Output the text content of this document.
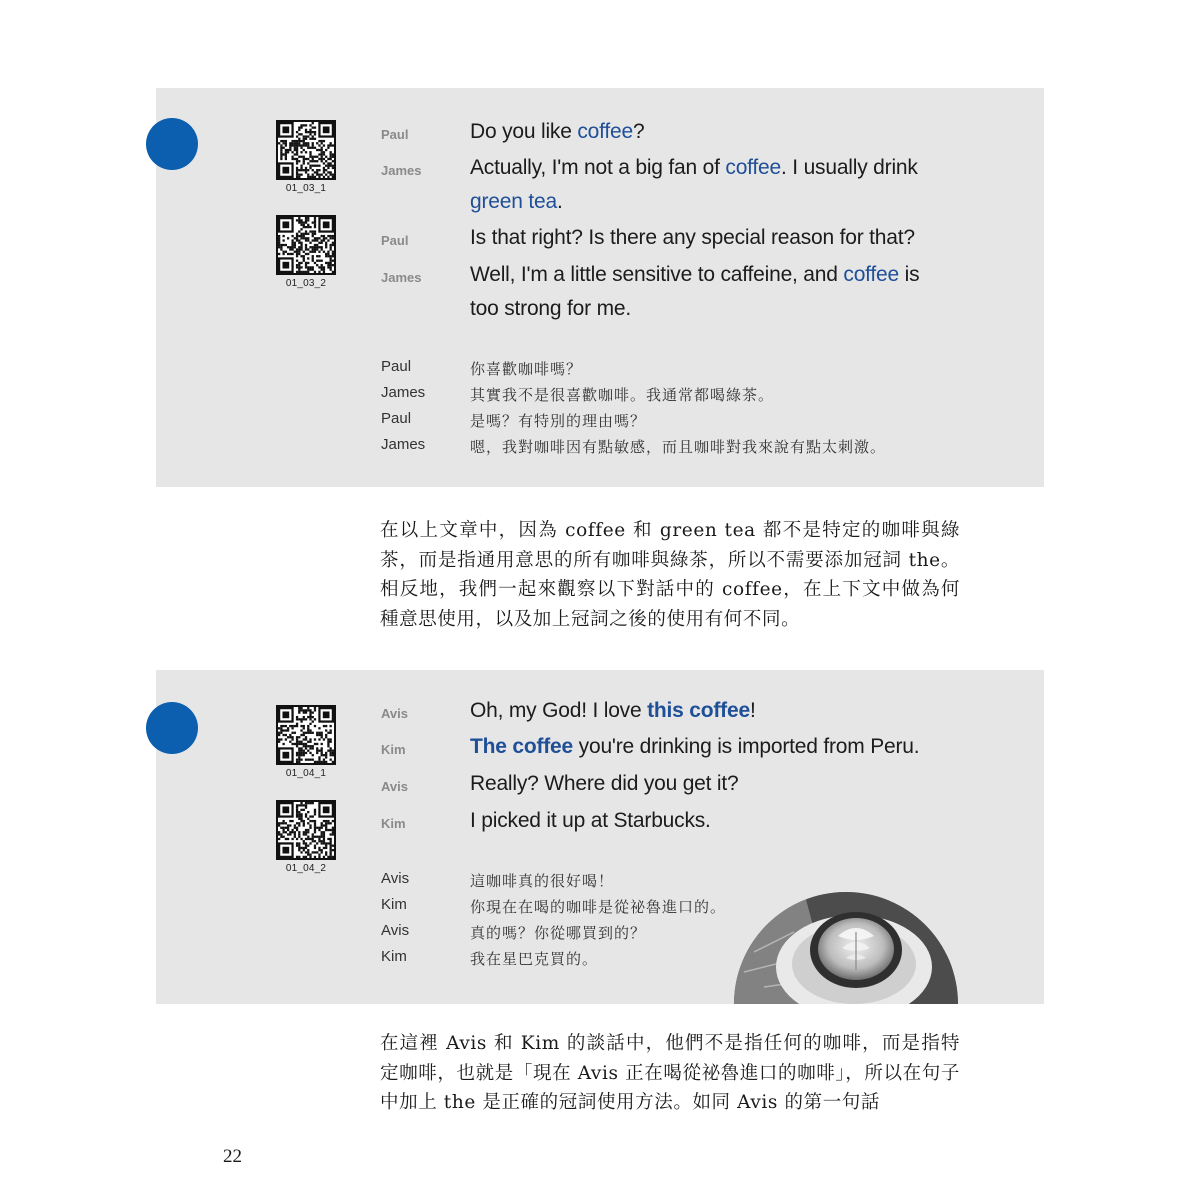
01_03_1
01_03_2
Paul	Do you like coffee?
James Actually, I'm not a big fan of coffee. I usually drink
green tea.
Paul	Is that right? Is there any special reason for that?
James Well, I'm a little sensitive to caffeine, and coffee is
too strong for me.
Paul	你喜歡咖啡嗎？
James	其實我不是很喜歡咖啡。我通常都喝綠茶。
Paul	是嗎？有特別的理由嗎？
James	嗯，我對咖啡因有點敏感，而且咖啡對我來說有點太刺激。

在以上文章中，因為 coffee 和 green tea 都不是特定的咖啡與綠茶，而是指通用意思的所有咖啡與綠茶，所以不需要添加冠詞 the。相反地，我們一起來觀察以下對話中的 coffee，在上下文中做為何種意思使用，以及加上冠詞之後的使用有何不同。

01_04_1
01_04_2
Avis	Oh, my God! I love this coffee!
Kim	The coffee you're drinking is imported from Peru.
Avis	Really? Where did you get it?
Kim	I picked it up at Starbucks.
Avis	這咖啡真的很好喝！
Kim	你現在在喝的咖啡是從祕魯進口的。
Avis	真的嗎？你從哪買到的？
Kim	我在星巴克買的。

在這裡 Avis 和 Kim 的談話中，他們不是指任何的咖啡，而是指特定咖啡，也就是「現在 Avis 正在喝從祕魯進口的咖啡」，所以在句子中加上 the 是正確的冠詞使用方法。如同 Avis 的第一句話

22
